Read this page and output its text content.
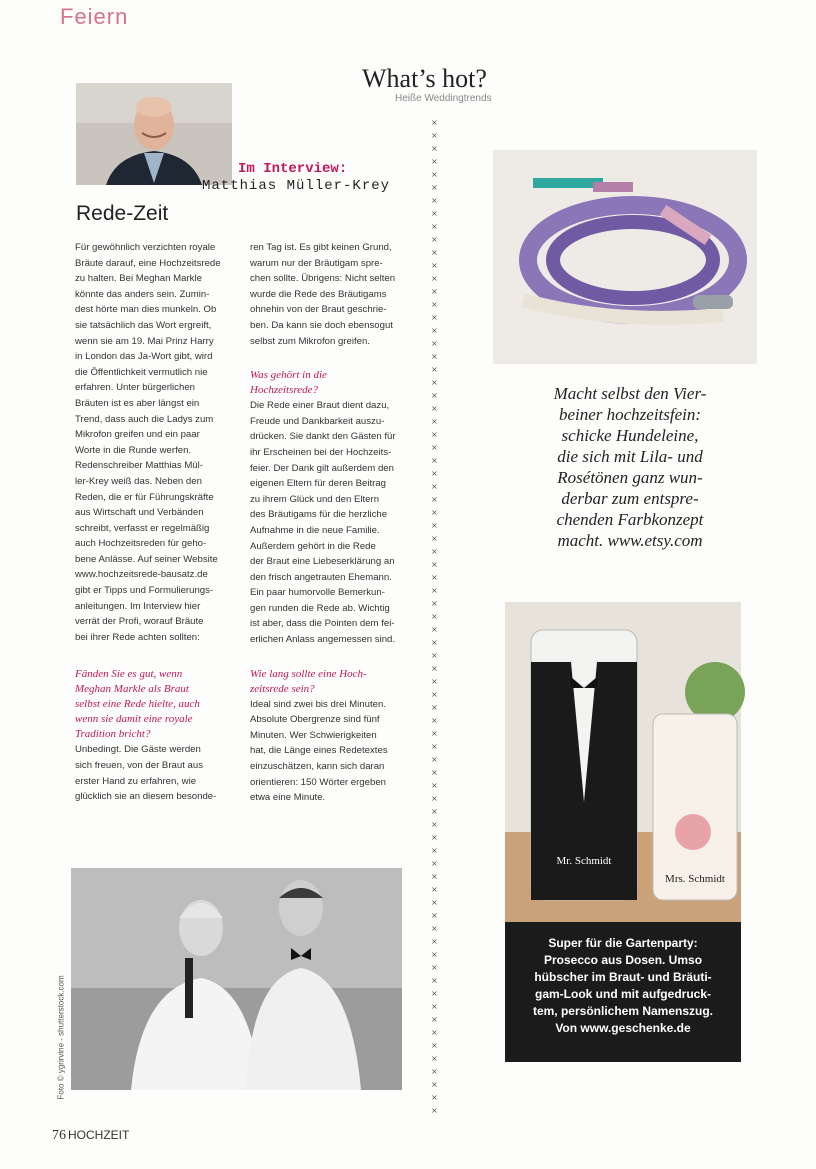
Feiern
What’s hot?
Heiße Weddingtrends
Im Interview:
Matthias Müller-Krey
Rede-Zeit

Für gewöhnlich verzichten royale
Bräute darauf, eine Hochzeitsrede
zu halten. Bei Meghan Markle
könnte das anders sein. Zumin-
dest hörte man dies munkeln. Ob
sie tatsächlich das Wort ergreift,
wenn sie am 19. Mai Prinz Harry
in London das Ja-Wort gibt, wird
die Öffentlichkeit vermutlich nie
erfahren. Unter bürgerlichen
Bräuten ist es aber längst ein
Trend, dass auch die Ladys zum
Mikrofon greifen und ein paar
Worte in die Runde werfen.
Redenschreiber Matthias Mül-
ler-Krey weiß das. Neben den
Reden, die er für Führungskräfte
aus Wirtschaft und Verbänden
schreibt, verfasst er regelmäßig
auch Hochzeitsreden für geho-
bene Anlässe. Auf seiner Website
www.hochzeitsrede-bausatz.de
gibt er Tipps und Formulierungs-
anleitungen. Im Interview hier
verrät der Profi, worauf Bräute
bei ihrer Rede achten sollten:

Fänden Sie es gut, wenn
Meghan Markle als Braut
selbst eine Rede hielte, auch
wenn sie damit eine royale
Tradition bricht?

Unbedingt. Die Gäste werden
sich freuen, von der Braut aus
erster Hand zu erfahren, wie
glücklich sie an diesem besonde-

ren Tag ist. Es gibt keinen Grund,
warum nur der Bräutigam spre-
chen sollte. Übrigens: Nicht selten
wurde die Rede des Bräutigams
ohnehin von der Braut geschrie-
ben. Da kann sie doch ebensogut
selbst zum Mikrofon greifen.

Was gehört in die
Hochzeitsrede?

Die Rede einer Braut dient dazu,
Freude und Dankbarkeit auszu-
drücken. Sie dankt den Gästen für
ihr Erscheinen bei der Hochzeits-
feier. Der Dank gilt außerdem den
eigenen Eltern für deren Beitrag
zu ihrem Glück und den Eltern
des Bräutigams für die herzliche
Aufnahme in die neue Familie.
Außerdem gehört in die Rede
der Braut eine Liebeserklärung an
den frisch angetrauten Ehemann.
Ein paar humorvolle Bemerkun-
gen runden die Rede ab. Wichtig
ist aber, dass die Pointen dem fei-
erlichen Anlass angemessen sind.

Wie lang sollte eine Hoch-
zeitsrede sein?

Ideal sind zwei bis drei Minuten.
Absolute Obergrenze sind fünf
Minuten. Wer Schwierigkeiten
hat, die Länge eines Redetextes
einzuschätzen, kann sich daran
orientieren: 150 Wörter ergeben
etwa eine Minute.

×××××××××××××××××××××××××××××××××××××××××××××××××××××××××××××××××××××××××××××
Macht selbst den Vier-
beiner hochzeitsfein:
schicke Hundeleine,
die sich mit Lila- und
Rosétönen ganz wun-
derbar zum entspre-
chenden Farbkonzept
macht. www.etsy.com
Mr. Schmidt
Mrs. Schmidt
Super für die Gartenparty:
Prosecco aus Dosen. Umso
hübscher im Braut- und Bräuti-
gam-Look und mit aufgedruck-
tem, persönlichem Namenszug.
Von www.geschenke.de
Foto © ygrirvine - shutterstock.com
76 HOCHZEIT
